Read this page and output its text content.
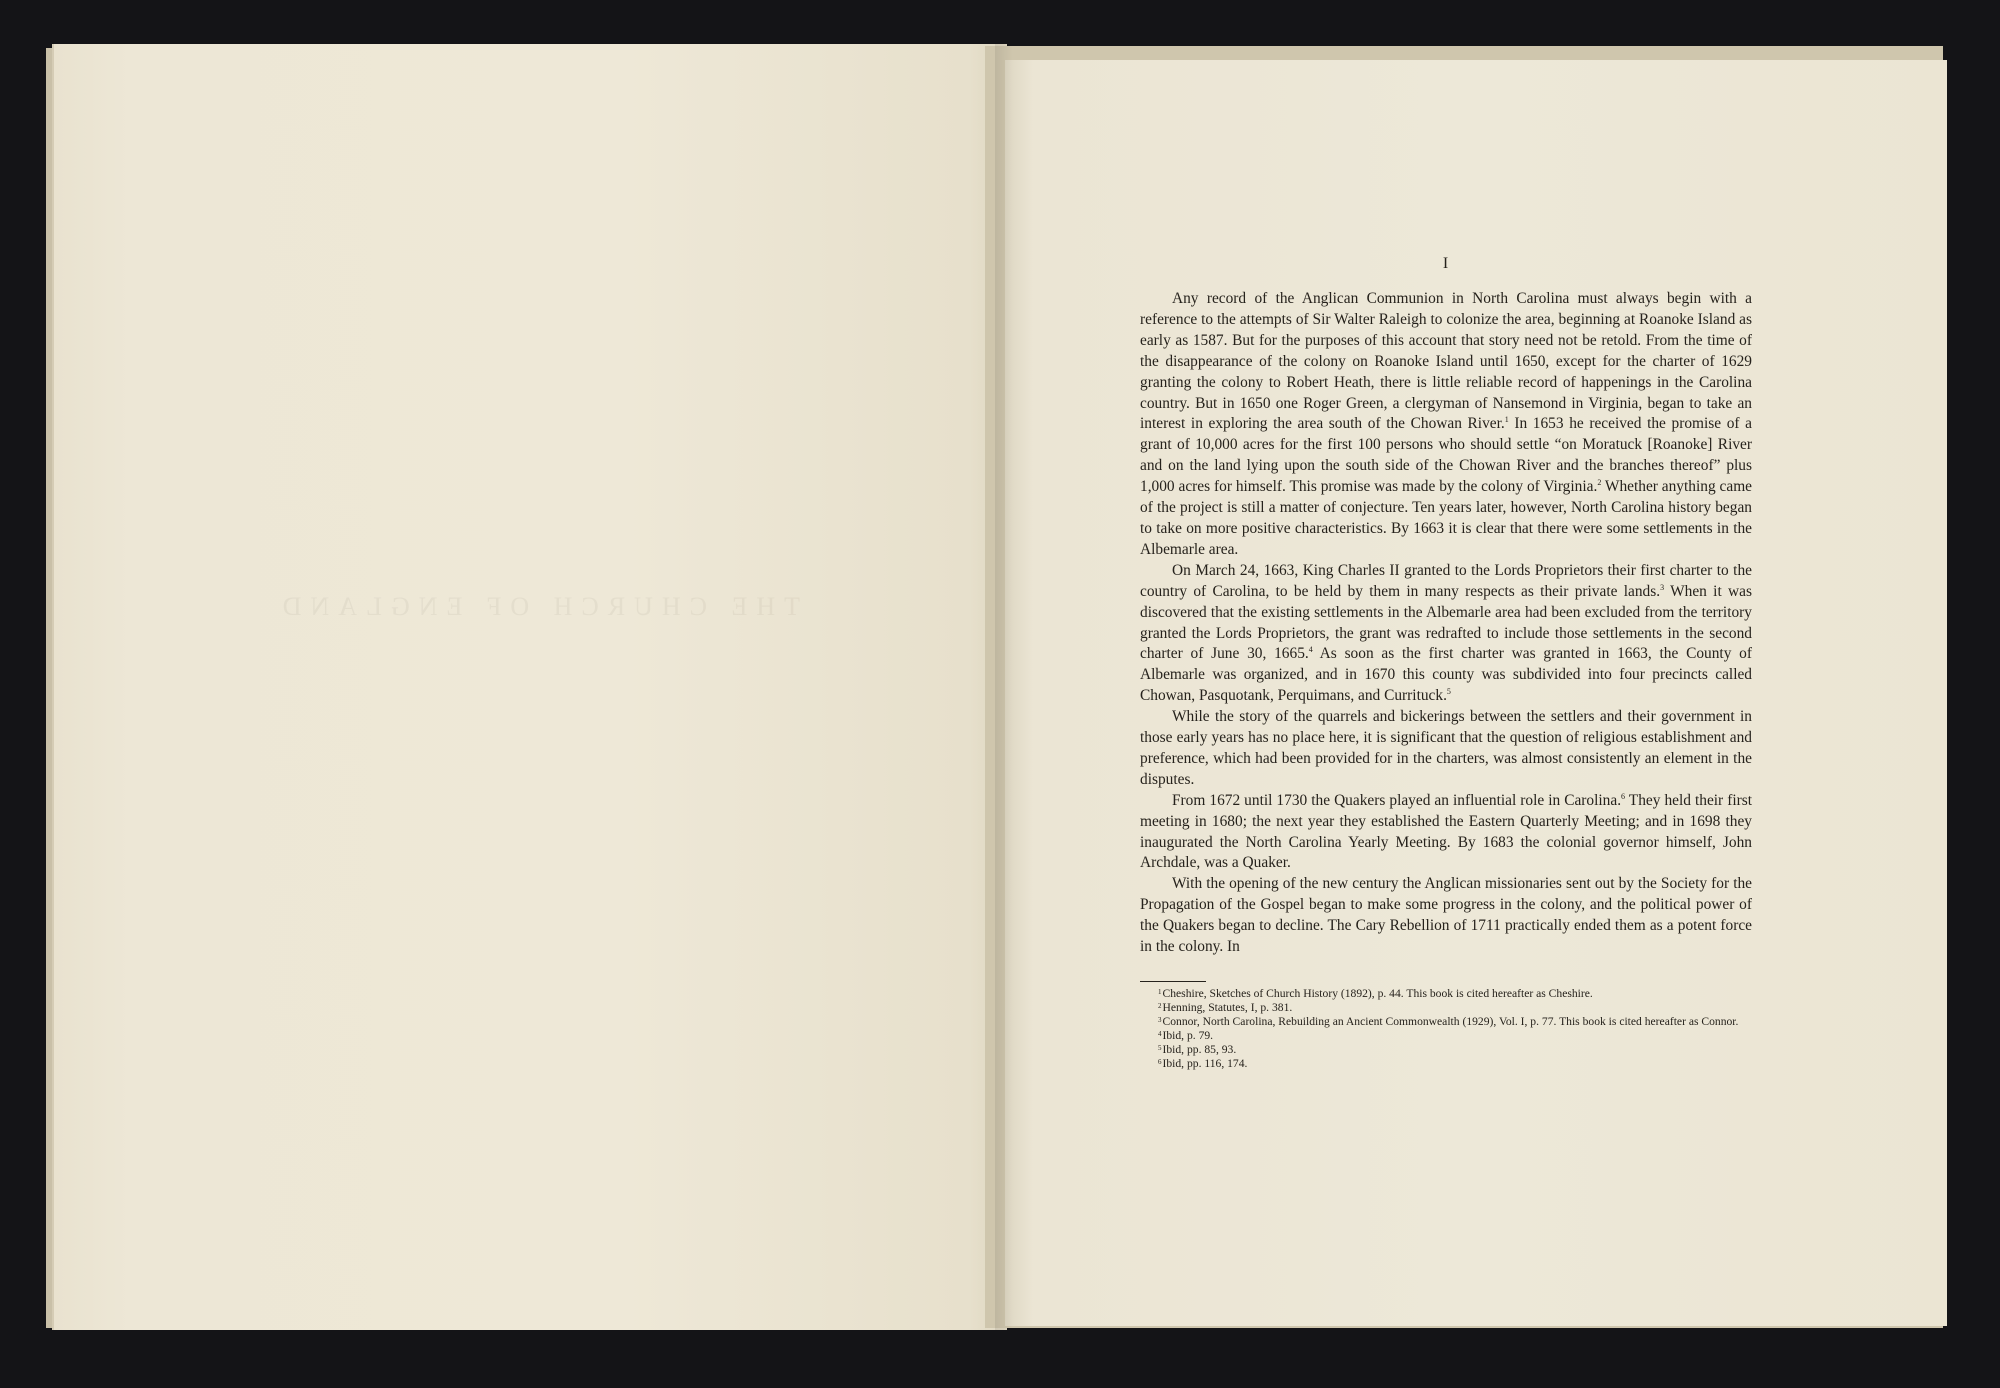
THE CHURCH OF ENGLAND
I

Any record of the Anglican Communion in North Carolina must always begin with a reference to the attempts of Sir Walter Raleigh to colonize the area, beginning at Roanoke Island as early as 1587. But for the purposes of this account that story need not be retold. From the time of the disappearance of the colony on Roanoke Island until 1650, except for the charter of 1629 granting the colony to Robert Heath, there is little reliable record of happenings in the Carolina country. But in 1650 one Roger Green, a clergyman of Nansemond in Virginia, began to take an interest in exploring the area south of the Chowan River.$^1$ In 1653 he received the promise of a grant of 10,000 acres for the first 100 persons who should settle “on Moratuck [Roanoke] River and on the land lying upon the south side of the Chowan River and the branches thereof” plus 1,000 acres for himself. This promise was made by the colony of Virginia.$^2$ Whether anything came of the project is still a matter of conjecture. Ten years later, however, North Carolina history began to take on more positive characteristics. By 1663 it is clear that there were some settlements in the Albemarle area.

On March 24, 1663, King Charles II granted to the Lords Proprietors their first charter to the country of Carolina, to be held by them in many respects as their private lands.$^3$ When it was discovered that the existing settlements in the Albemarle area had been excluded from the territory granted the Lords Proprietors, the grant was redrafted to include those settlements in the second charter of June 30, 1665.$^4$ As soon as the first charter was granted in 1663, the County of Albemarle was organized, and in 1670 this county was subdivided into four precincts called Chowan, Pasquotank, Perquimans, and Currituck.$^5$

While the story of the quarrels and bickerings between the settlers and their government in those early years has no place here, it is significant that the question of religious establishment and preference, which had been provided for in the charters, was almost consistently an element in the disputes.

From 1672 until 1730 the Quakers played an influential role in Carolina.$^6$ They held their first meeting in 1680; the next year they established the Eastern Quarterly Meeting; and in 1698 they inaugurated the North Carolina Yearly Meeting. By 1683 the colonial governor himself, John Archdale, was a Quaker.

With the opening of the new century the Anglican missionaries sent out by the Society for the Propagation of the Gospel began to make some progress in the colony, and the political power of the Quakers began to decline. The Cary Rebellion of 1711 practically ended them as a potent force in the colony. In

$^1$Cheshire, Sketches of Church History (1892), p. 44. This book is cited hereafter as Cheshire.

$^2$Henning, Statutes, I, p. 381.

$^3$Connor, North Carolina, Rebuilding an Ancient Commonwealth (1929), Vol. I, p. 77. This book is cited hereafter as Connor.

$^4$Ibid, p. 79.

$^5$Ibid, pp. 85, 93.

$^6$Ibid, pp. 116, 174.
